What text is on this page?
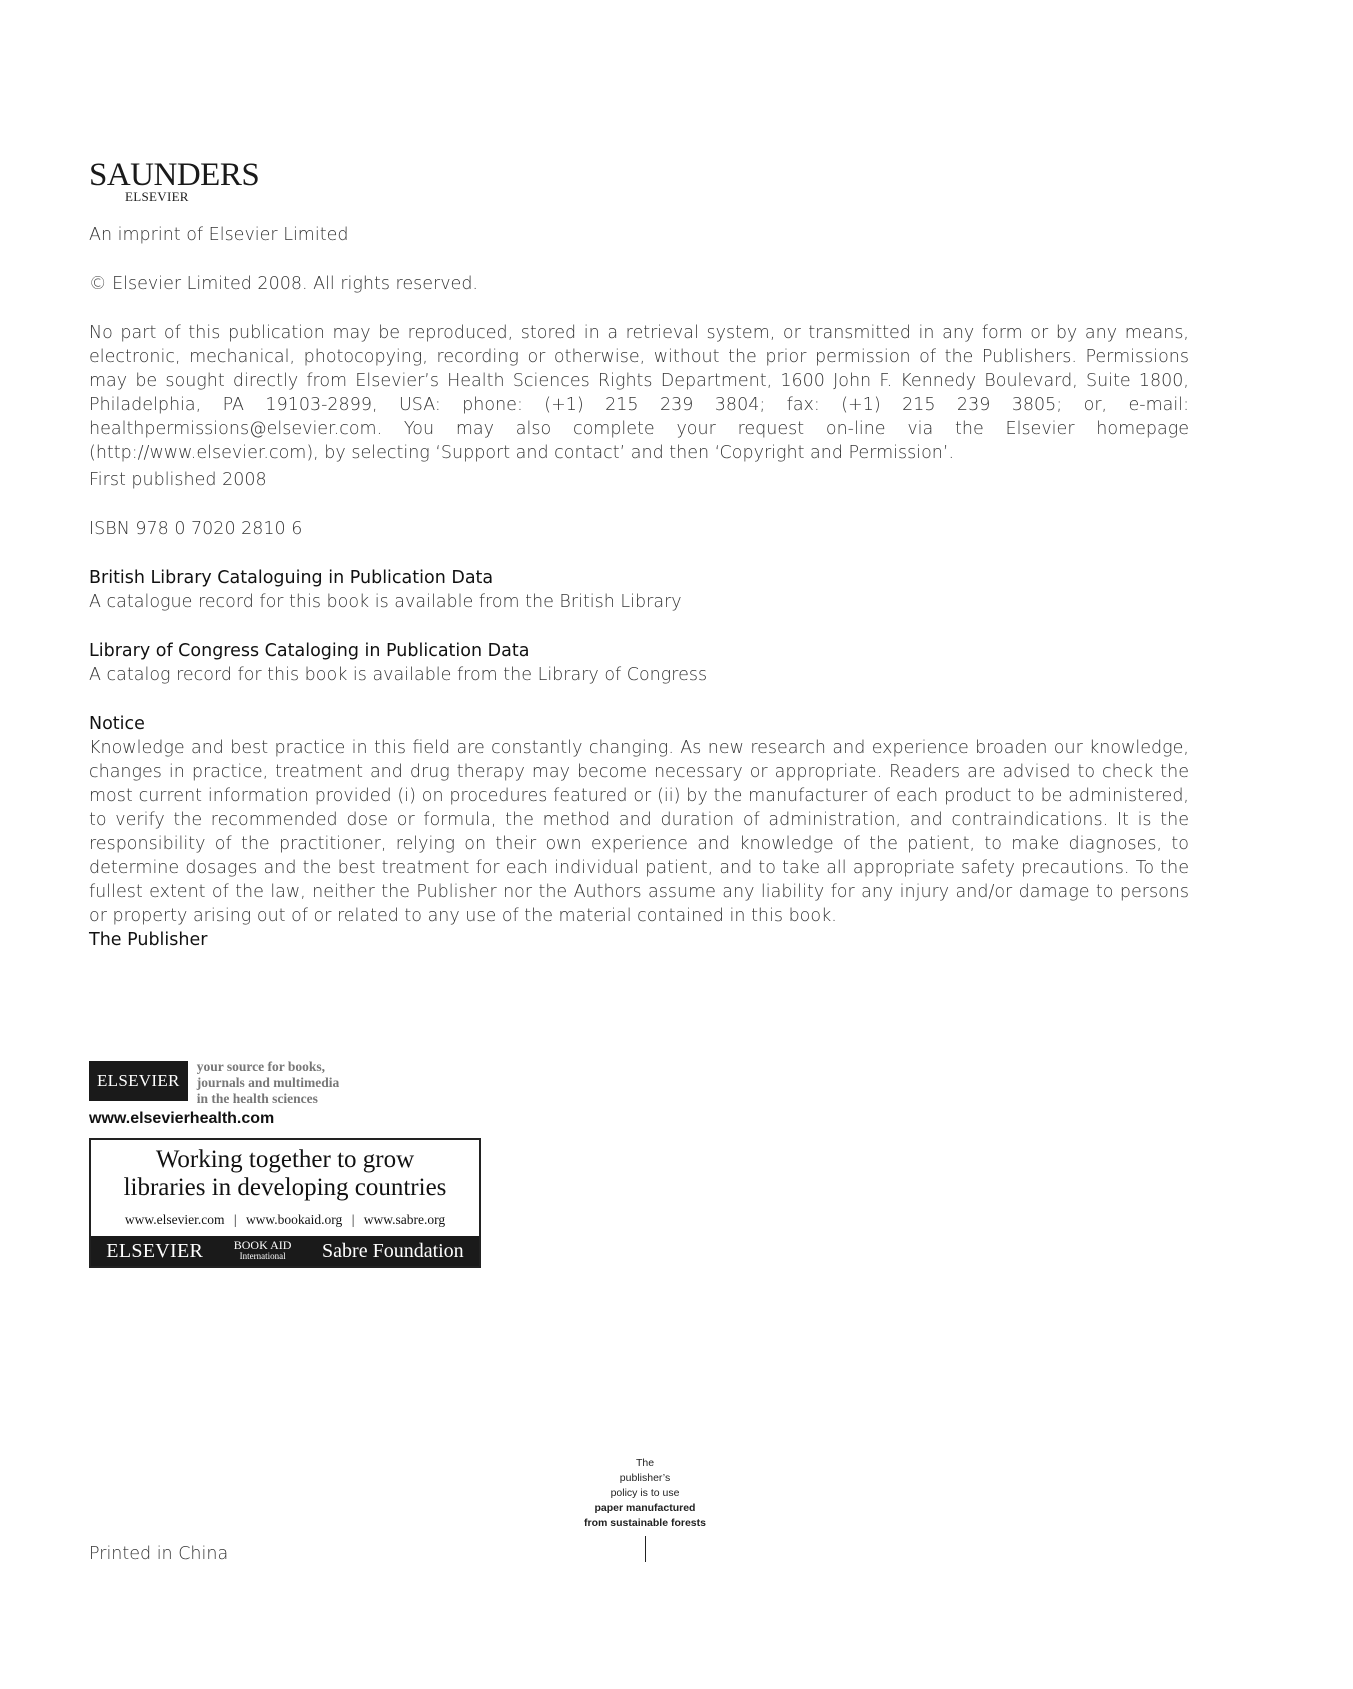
SAUNDERS
ELSEVIER
An imprint of Elsevier Limited
© Elsevier Limited 2008. All rights reserved.
No part of this publication may be reproduced, stored in a retrieval system, or transmitted in any form or by any means, electronic, mechanical, photocopying, recording or otherwise, without the prior permission of the Publishers. Permissions may be sought directly from Elsevier’s Health Sciences Rights Department, 1600 John F. Kennedy Boulevard, Suite 1800, Philadelphia, PA 19103-2899, USA: phone: (+1) 215 239 3804; fax: (+1) 215 239 3805; or, e-mail: healthpermissions@elsevier.com. You may also complete your request on-line via the Elsevier homepage (http://www.elsevier.com), by selecting ‘Support and contact’ and then ‘Copyright and Permission’.
First published 2008
ISBN 978 0 7020 2810 6
British Library Cataloguing in Publication Data
A catalogue record for this book is available from the British Library
Library of Congress Cataloging in Publication Data
A catalog record for this book is available from the Library of Congress
Notice
Knowledge and best practice in this field are constantly changing. As new research and experience broaden our knowledge, changes in practice, treatment and drug therapy may become necessary or appropriate. Readers are advised to check the most current information provided (i) on procedures featured or (ii) by the manufacturer of each product to be administered, to verify the recommended dose or formula, the method and duration of administration, and contraindications. It is the responsibility of the practitioner, relying on their own experience and knowledge of the patient, to make diagnoses, to determine dosages and the best treatment for each individual patient, and to take all appropriate safety precautions. To the fullest extent of the law, neither the Publisher nor the Authors assume any liability for any injury and/or damage to persons or property arising out of or related to any use of the material contained in this book.
The Publisher
ELSEVIER your source for books,
journals and multimedia
in the health sciences
www.elsevierhealth.com
Working together to grow
libraries in developing countries
www.elsevier.com | www.bookaid.org | www.sabre.org
ELSEVIER	BOOK AID
International Sabre Foundation
The
publisher’s
policy is to use
paper manufactured
from sustainable forests
Printed in China
